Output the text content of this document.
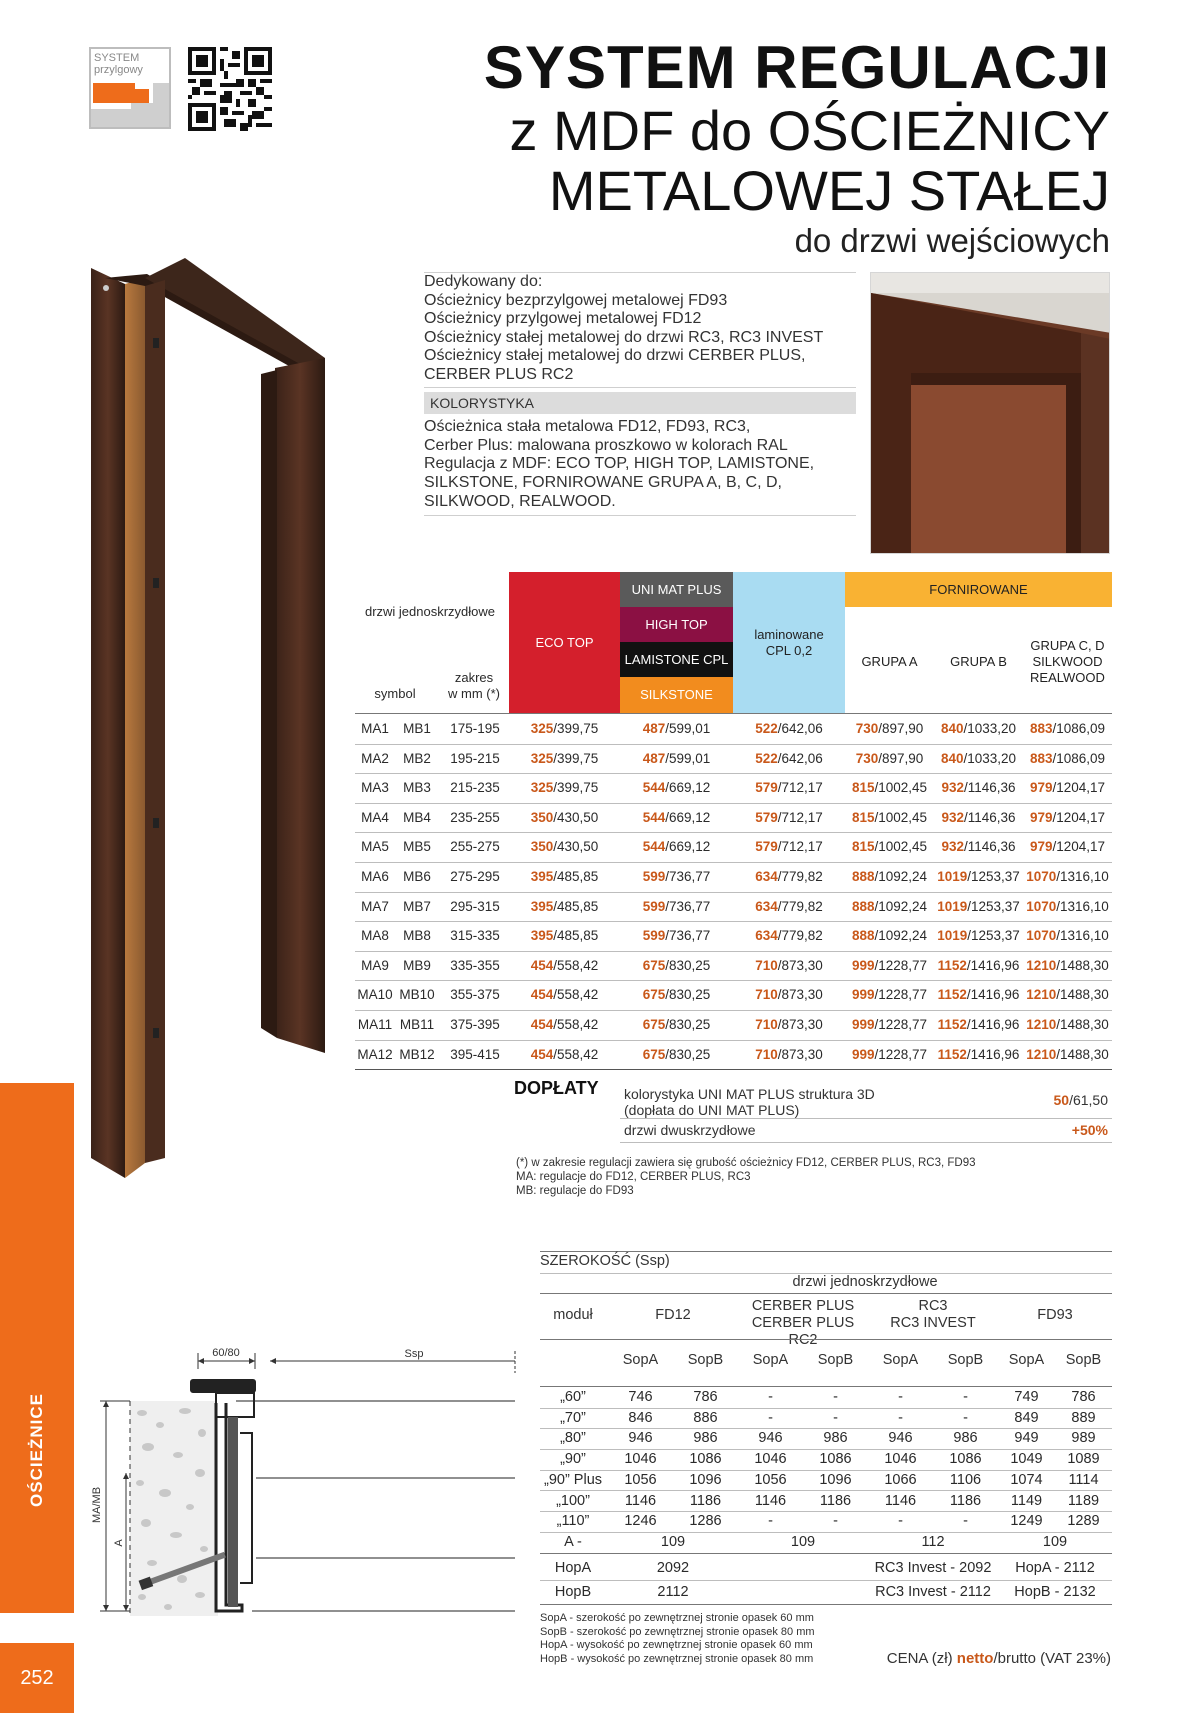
SYSTEM
przylgowy	SYSTEM REGULACJI
z MDF do OŚCIEŻNICY
METALOWEJ STAŁEJ
do drzwi wejściowych

Dedykowany do:

Ościeżnicy bezprzylgowej metalowej FD93

Ościeżnicy przylgowej metalowej FD12

Ościeżnicy stałej metalowej do drzwi RC3, RC3 INVEST

Ościeżnicy stałej metalowej do drzwi CERBER PLUS,

CERBER PLUS RC2

KOLORYSTYKA

Ościeżnica stała metalowa FD12, FD93, RC3,

Cerber Plus: malowana proszkowo w kolorach RAL

Regulacja z MDF: ECO TOP, HIGH TOP, LAMISTONE,

SILKSTONE, FORNIROWANE GRUPA A, B, C, D,

SILKWOOD, REALWOOD.

drzwi jednoskrzydłowe
symbol
zakres
w mm (*)
ECO TOP
UNI MAT PLUS
HIGH TOP
LAMISTONE CPL
SILKSTONE
laminowane
CPL 0,2
FORNIROWANE
GRUPA A	GRUPA B
GRUPA C, D
SILKWOOD
REALWOOD
MA1	MB1	175-195	325/399,75	487/599,01	522/642,06	730/897,90	840/1033,20	883/1086,09
MA2	MB2	195-215	325/399,75	487/599,01	522/642,06	730/897,90	840/1033,20	883/1086,09
MA3	MB3	215-235	325/399,75	544/669,12	579/712,17	815/1002,45	932/1146,36	979/1204,17
MA4	MB4	235-255	350/430,50	544/669,12	579/712,17	815/1002,45	932/1146,36	979/1204,17
MA5	MB5	255-275	350/430,50	544/669,12	579/712,17	815/1002,45	932/1146,36	979/1204,17
MA6	MB6	275-295	395/485,85	599/736,77	634/779,82	888/1092,24 1019/1253,37 1070/1316,10
MA7	MB7	295-315	395/485,85	599/736,77	634/779,82	888/1092,24 1019/1253,37 1070/1316,10
MA8	MB8	315-335	395/485,85	599/736,77	634/779,82	888/1092,24 1019/1253,37 1070/1316,10
MA9	MB9	335-355	454/558,42	675/830,25	710/873,30	999/1228,77 1152/1416,96 1210/1488,30
MA10 MB10	355-375	454/558,42	675/830,25	710/873,30	999/1228,77 1152/1416,96 1210/1488,30
MA11 MB11	375-395	454/558,42	675/830,25	710/873,30	999/1228,77 1152/1416,96 1210/1488,30
MA12 MB12	395-415	454/558,42	675/830,25	710/873,30	999/1228,77 1152/1416,96 1210/1488,30
DOPŁATY kolorystyka UNI MAT PLUS struktura 3D
(dopłata do UNI MAT PLUS)
50/61,50
drzwi dwuskrzydłowe	+50%
(*) w zakresie regulacji zawiera się grubość ościeżnicy FD12, CERBER PLUS, RC3, FD93
MA: regulacje do FD12, CERBER PLUS, RC3
MB: regulacje do FD93
SZEROKOŚĆ (Ssp)
drzwi jednoskrzydłowe
moduł	FD12
CERBER PLUS
CERBER PLUS RC2
RC3
RC3 INVEST	FD93
SopA	SopB	SopA	SopB	SopA	SopB	SopA	SopB
„60”	746	786	-	-	-	-	749	786
„70”	846	886	-	-	-	-	849	889
„80”	946	986	946	986	946	986	949	989
„90”	1046	1086	1046	1086	1046	1086	1049	1089
„90” Plus	1056	1096	1056	1096	1066	1106	1074	1114
„100”	1146	1186	1146	1186	1146	1186	1149	1189
„110”	1246	1286	-	-	-	-	1249	1289
A -	109	109	112	109
HopA	2092	RC3 Invest - 2092	HopA - 2112
HopB	2112	RC3 Invest - 2112	HopB - 2132
SopA - szerokość po zewnętrznej stronie opasek 60 mm
SopB - szerokość po zewnętrznej stronie opasek 80 mm
HopA - wysokość po zewnętrznej stronie opasek 60 mm
HopB - wysokość po zewnętrznej stronie opasek 80 mm	CENA (zł) netto/brutto (VAT 23%)
60/80	Ssp
MA/MB
A
OŚCIEŻNICE
252
